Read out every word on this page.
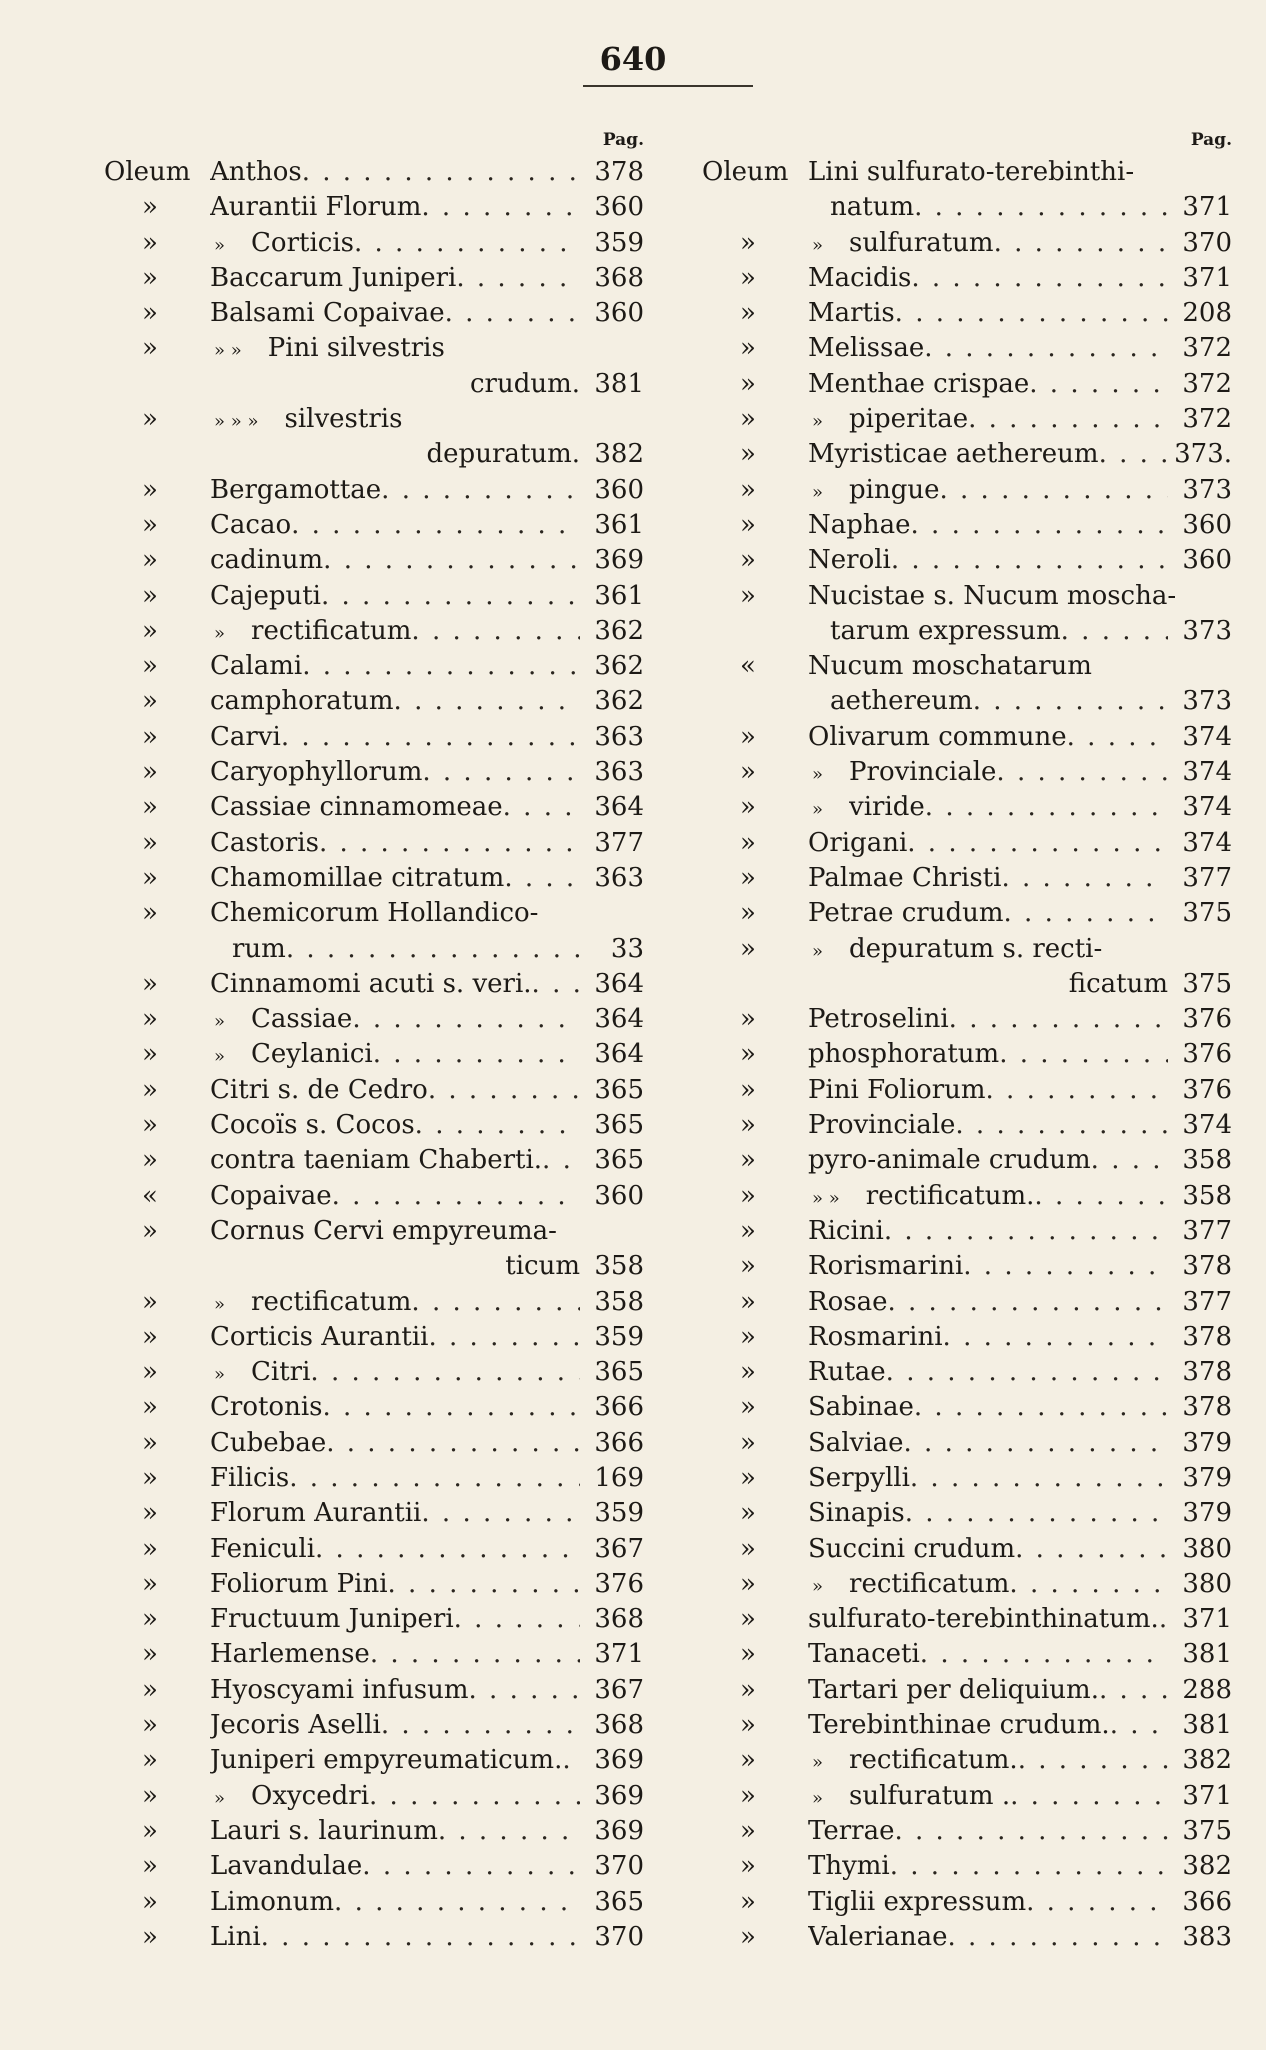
640
Pag.
Oleum Anthos . . .	378
»	Aurantii Florum . . .	360
»	»	Corticis . . .	359
»	Baccarum Juniperi . . .	368
»	Balsami Copaivae . . .	360
»	» »	Pini silvestris
crudum. 381
»	» » »	silvestris
depuratum. 382
»	Bergamottae . . .	360
»	Cacao . . .	361
»	cadinum . . .	369
»	Cajeputi . . .	361
»	»	rectificatum . . .	362
»	Calami . . .	362
»	camphoratum . . .	362
»	Carvi . . .	363
»	Caryophyllorum . . .	363
»	Cassiae cinnamomeae . . .	364
»	Castoris . . .	377
»	Chamomillae citratum . . .	363
»	Chemicorum Hollandico-
rum . . .	33
»	Cinnamomi acuti s. veri. . . .	364
»	»	Cassiae . . .	364
»	»	Ceylanici . . .	364
»	Citri s. de Cedro . . .	365
»	Cocoïs s. Cocos . . .	365
»	contra taeniam Chaberti. . . .	365
«	Copaivae . . .	360
»	Cornus Cervi empyreuma-
ticum 358
»	»	rectificatum . . .	358
»	Corticis Aurantii . . .	359
»	»	Citri . . .	365
»	Crotonis . . .	366
»	Cubebae . . .	366
»	Filicis . . .	169
»	Florum Aurantii . . .	359
»	Feniculi . . .	367
»	Foliorum Pini . . .	376
»	Fructuum Juniperi . . .	368
»	Harlemense . . .	371
»	Hyoscyami infusum . . .	367
»	Jecoris Aselli . . .	368
»	Juniperi empyreumaticum. . . .	369
»	»	Oxycedri . . .	369
»	Lauri s. laurinum . . .	369
»	Lavandulae . . .	370
»	Limonum . . .	365
»	Lini . . .	370
Pag.
Oleum Lini sulfurato-terebinthi-
natum . . .	371
»	»	sulfuratum . . .	370
»	Macidis . . .	371
»	Martis . . .	208
»	Melissae . . .	372
»	Menthae crispae . . .	372
»	»	piperitae . . .	372
»	Myristicae aethereum . . .	373.
»	»	pingue . . .	373
»	Naphae . . .	360
»	Neroli . . .	360
»	Nucistae s. Nucum moscha-
tarum expressum . . .	373
«	Nucum moschatarum
aethereum . . .	373
»	Olivarum commune . . .	374
»	»	Provinciale . . .	374
»	»	viride . . .	374
»	Origani . . .	374
»	Palmae Christi . . .	377
»	Petrae crudum . . .	375
»	»	depuratum s. recti-
ficatum 375
»	Petroselini . . .	376
»	phosphoratum . . .	376
»	Pini Foliorum . . .	376
»	Provinciale . . .	374
»	pyro-animale crudum . . .	358
»	» »	rectificatum. . . .	358
»	Ricini . . .	377
»	Rorismarini . . .	378
»	Rosae . . .	377
»	Rosmarini . . .	378
»	Rutae . . .	378
»	Sabinae . . .	378
»	Salviae . . .	379
»	Serpylli . . .	379
»	Sinapis . . .	379
»	Succini crudum . . .	380
»	»	rectificatum . . .	380
»	sulfurato-terebinthinatum. . . . 371
»	Tanaceti . . .	381
»	Tartari per deliquium. . . .	288
»	Terebinthinae crudum. . . .	381
»	»	rectificatum. . . .	382
»	»	sulfuratum . . . .	371
»	Terrae . . .	375
»	Thymi . . .	382
»	Tiglii expressum . . .	366
»	Valerianae . . .	383
